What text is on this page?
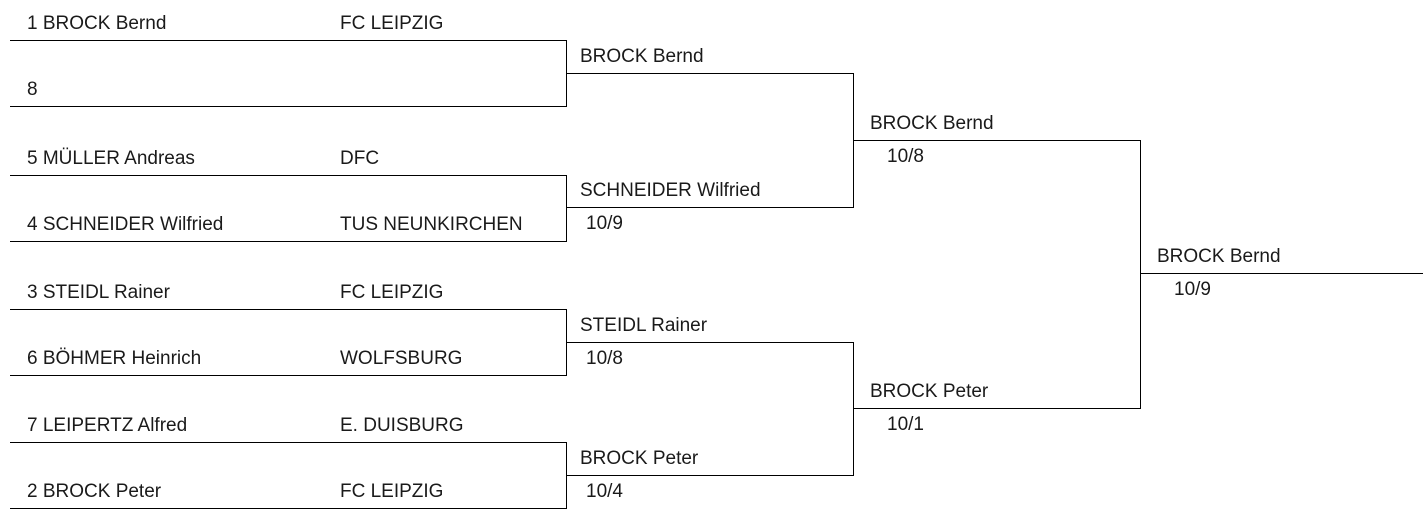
1 BROCK Bernd	FC LEIPZIG
8
5 MÜLLER Andreas	DFC
4 SCHNEIDER Wilfried	TUS NEUNKIRCHEN
3 STEIDL Rainer	FC LEIPZIG
6 BÖHMER Heinrich	WOLFSBURG
7 LEIPERTZ Alfred	E. DUISBURG
2 BROCK Peter	FC LEIPZIG
BROCK Bernd
SCHNEIDER Wilfried
10/9
STEIDL Rainer
10/8
BROCK Peter
10/4
BROCK Bernd
10/8
BROCK Peter
10/1
BROCK Bernd
10/9
